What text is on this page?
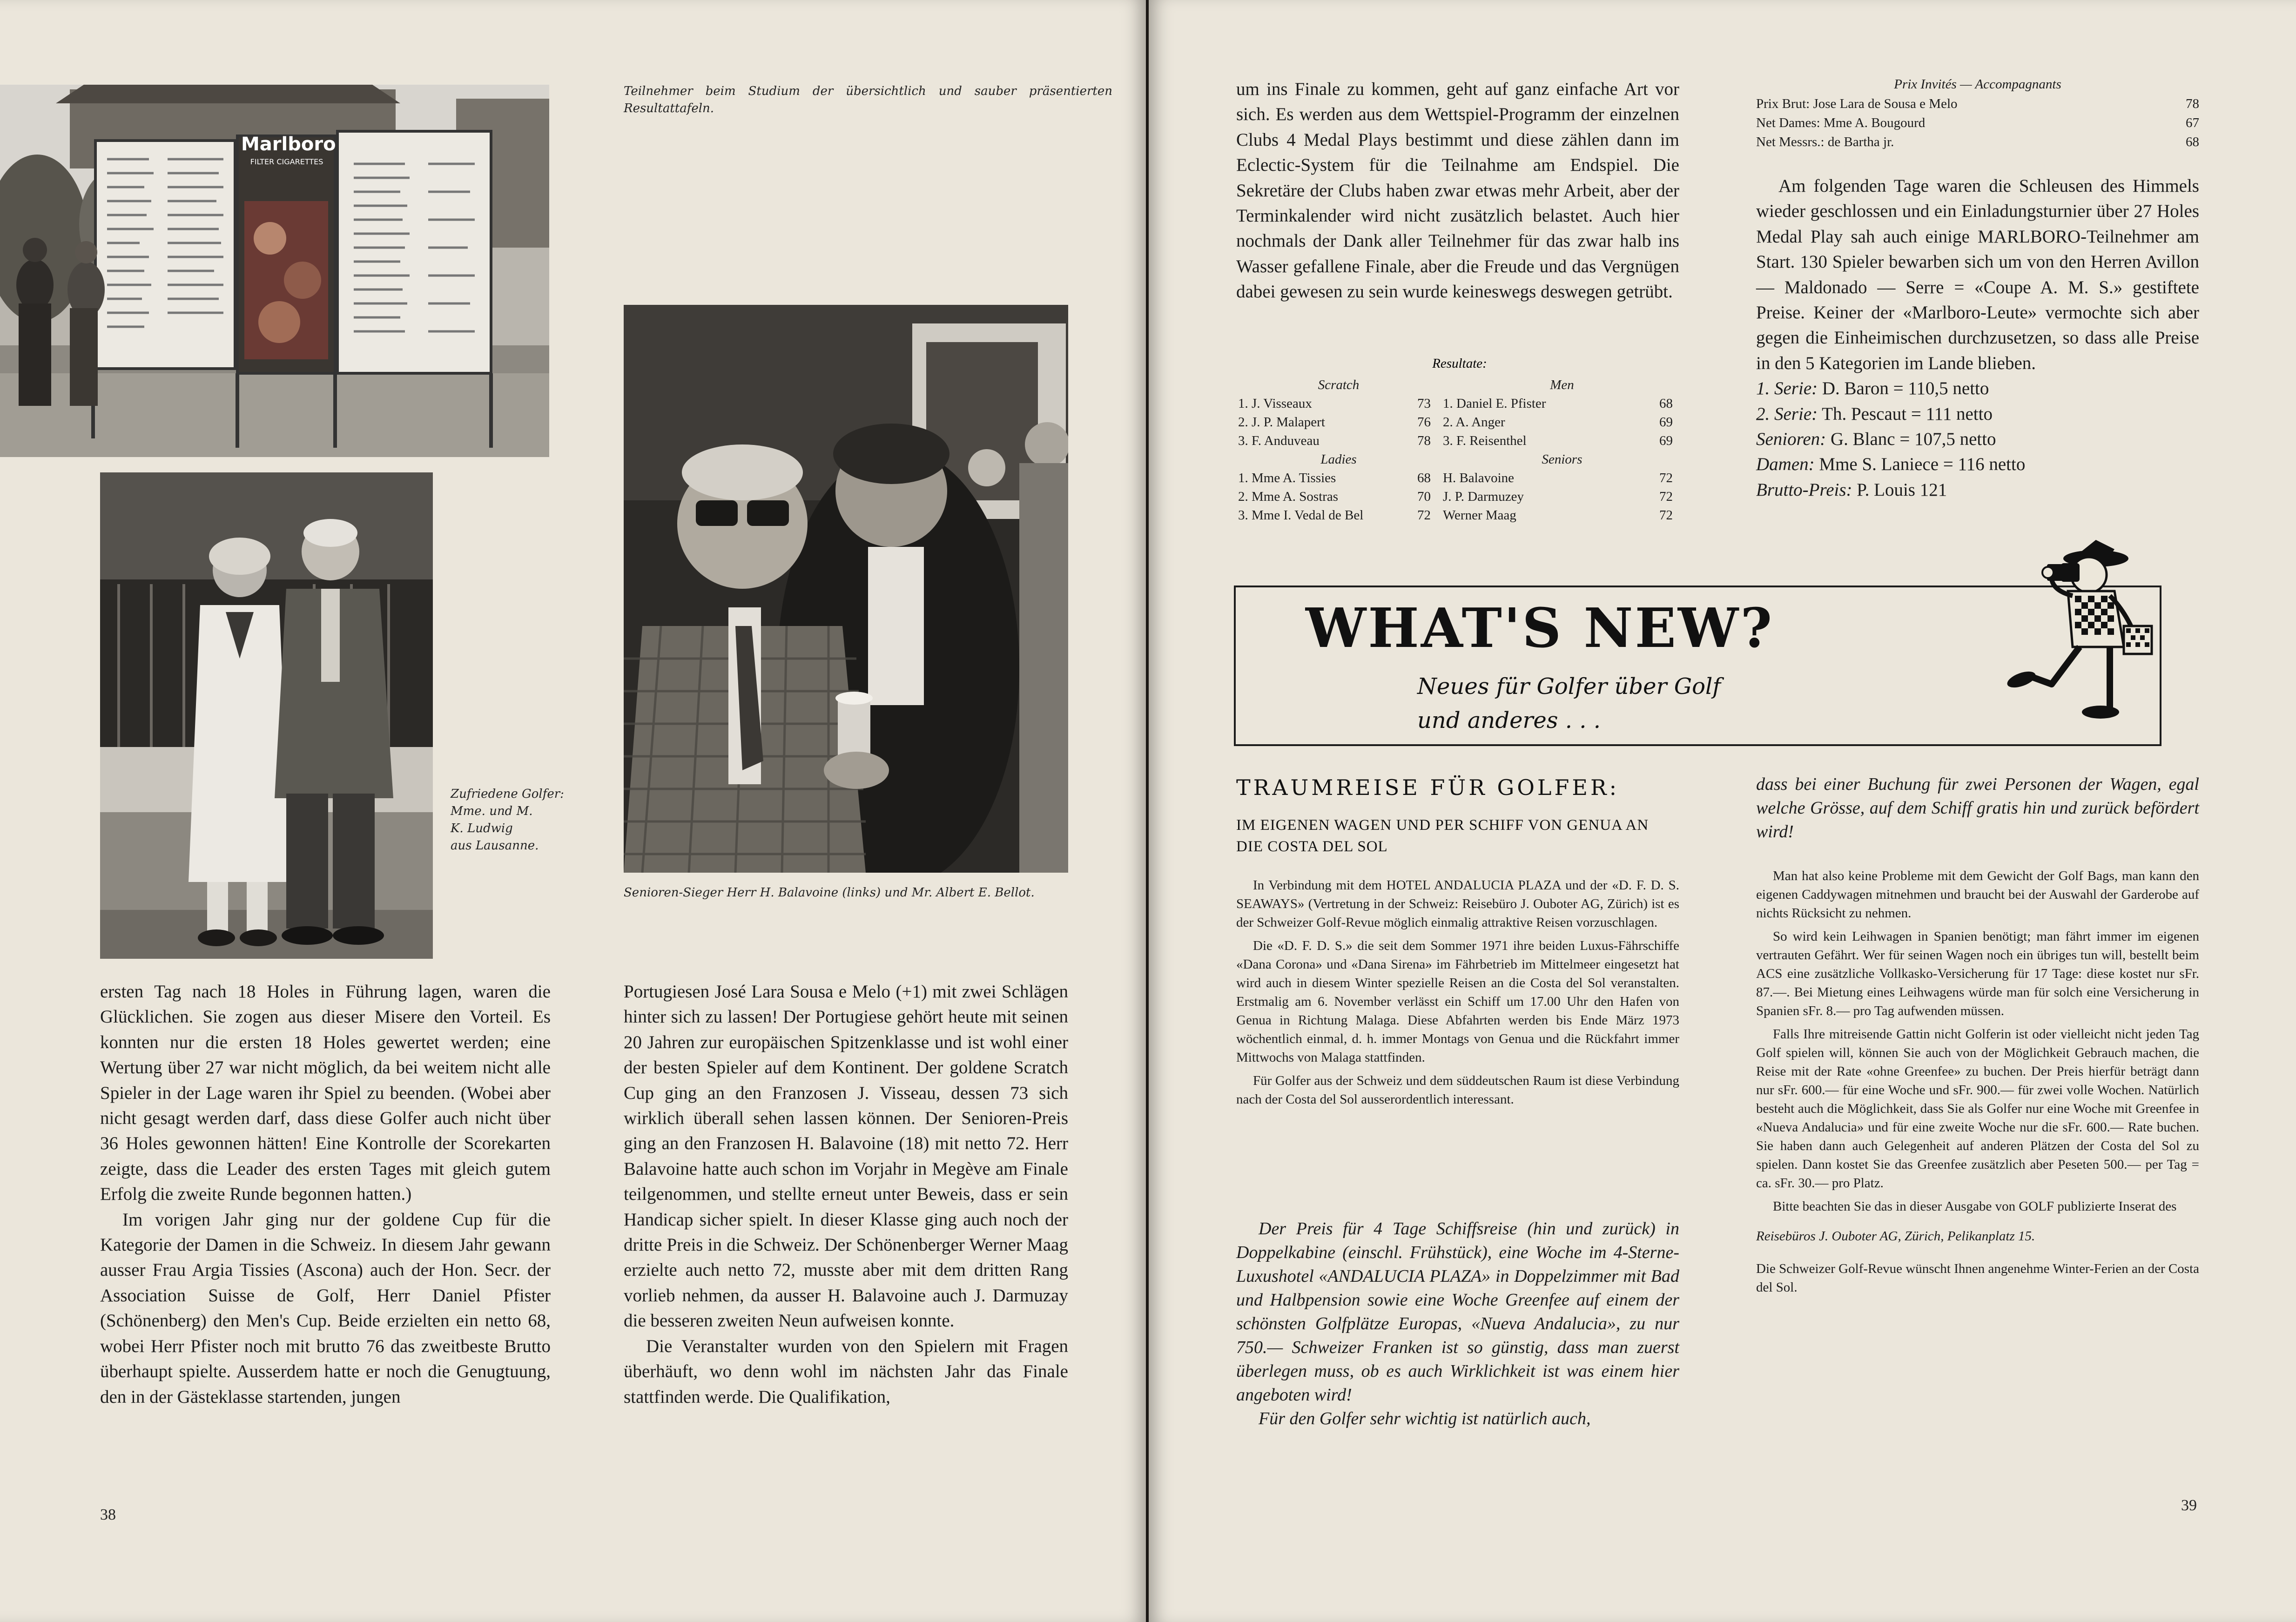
Marlboro
FILTER CIGARETTES

Teilnehmer beim Studium der übersichtlich und sauber präsentierten Resultattafeln.

Zufriedene Golfer:
Mme. und M.
K. Ludwig
aus Lausanne.

Senioren-Sieger Herr H. Balavoine (links) und Mr. Albert E. Bellot.

ersten Tag nach 18 Holes in Führung lagen, waren die Glücklichen. Sie zogen aus dieser Misere den Vorteil. Es konnten nur die ersten 18 Holes gewertet werden; eine Wertung über 27 war nicht möglich, da bei weitem nicht alle Spieler in der Lage waren ihr Spiel zu beenden. (Wobei aber nicht gesagt werden darf, dass diese Golfer auch nicht über 36 Holes gewonnen hätten! Eine Kontrolle der Scorekarten zeigte, dass die Leader des ersten Tages mit gleich gutem Erfolg die zweite Runde begonnen hatten.)

Im vorigen Jahr ging nur der goldene Cup für die Kategorie der Damen in die Schweiz. In diesem Jahr gewann ausser Frau Argia Tissies (Ascona) auch der Hon. Secr. der Association Suisse de Golf, Herr Daniel Pfister (Schönenberg) den Men's Cup. Beide erzielten ein netto 68, wobei Herr Pfister noch mit brutto 76 das zweitbeste Brutto überhaupt spielte. Ausserdem hatte er noch die Genugtuung, den in der Gästeklasse startenden, jungen

Portugiesen José Lara Sousa e Melo (+1) mit zwei Schlägen hinter sich zu lassen! Der Portugiese gehört heute mit seinen 20 Jahren zur europäischen Spitzenklasse und ist wohl einer der besten Spieler auf dem Kontinent. Der goldene Scratch Cup ging an den Franzosen J. Visseau, dessen 73 sich wirklich überall sehen lassen können. Der Senioren-Preis ging an den Franzosen H. Balavoine (18) mit netto 72. Herr Balavoine hatte auch schon im Vorjahr in Megève am Finale teilgenommen, und stellte erneut unter Beweis, dass er sein Handicap sicher spielt. In dieser Klasse ging auch noch der dritte Preis in die Schweiz. Der Schönenberger Werner Maag erzielte auch netto 72, musste aber mit dem dritten Rang vorlieb nehmen, da ausser H. Balavoine auch J. Darmuzay die besseren zweiten Neun aufweisen konnte.

Die Veranstalter wurden von den Spielern mit Fragen überhäuft, wo denn wohl im nächsten Jahr das Finale stattfinden werde. Die Qualifikation,

38

um ins Finale zu kommen, geht auf ganz einfache Art vor sich. Es werden aus dem Wettspiel-Programm der einzelnen Clubs 4 Medal Plays bestimmt und diese zählen dann im Eclectic-System für die Teilnahme am Endspiel. Die Sekretäre der Clubs haben zwar etwas mehr Arbeit, aber der Terminkalender wird nicht zusätzlich belastet. Auch hier nochmals der Dank aller Teilnehmer für das zwar halb ins Wasser gefallene Finale, aber die Freude und das Vergnügen dabei gewesen zu sein wurde keineswegs deswegen getrübt.

Resultate:
Scratch		Men	
1. J. Visseaux	73	1. Daniel E. Pfister	68
2. J. P. Malapert	76	2. A. Anger	69
3. F. Anduveau	78	3. F. Reisenthel	69
Ladies		Seniors	
1. Mme A. Tissies	68	H. Balavoine	72
2. Mme A. Sostras	70	J. P. Darmuzey	72
3. Mme I. Vedal de Bel	72	Werner Maag	72
Prix Invités — Accompagnants
Prix Brut: Jose Lara de Sousa e Melo	78
Net Dames: Mme A. Bougourd	67
Net Messrs.: de Bartha jr.	68

Am folgenden Tage waren die Schleusen des Himmels wieder geschlossen und ein Einladungsturnier über 27 Holes Medal Play sah auch einige MARLBORO-Teilnehmer am Start. 130 Spieler bewarben sich um von den Herren Avillon — Maldonado — Serre = «Coupe A. M. S.» gestiftete Preise. Keiner der «Marlboro-Leute» vermochte sich aber gegen die Einheimischen durchzusetzen, so dass alle Preise in den 5 Kategorien im Lande blieben.

1. Serie: D. Baron = 110,5 netto
2. Serie: Th. Pescaut = 111 netto
Senioren: G. Blanc = 107,5 netto
Damen: Mme S. Laniece = 116 netto
Brutto-Preis: P. Louis 121
WHAT'S NEW?
Neues für Golfer über Golf
und anderes . . .
TRAUMREISE FÜR GOLFER:
IM EIGENEN WAGEN UND PER SCHIFF VON GENUA AN DIE COSTA DEL SOL

In Verbindung mit dem HOTEL ANDALUCIA PLAZA und der «D. F. D. S. SEAWAYS» (Vertretung in der Schweiz: Reisebüro J. Ouboter AG, Zürich) ist es der Schweizer Golf-Revue möglich einmalig attraktive Reisen vorzuschlagen.

Die «D. F. D. S.» die seit dem Sommer 1971 ihre beiden Luxus-Fährschiffe «Dana Corona» und «Dana Sirena» im Fährbetrieb im Mittelmeer eingesetzt hat wird auch in diesem Winter spezielle Reisen an die Costa del Sol veranstalten. Erstmalig am 6. November verlässt ein Schiff um 17.00 Uhr den Hafen von Genua in Richtung Malaga. Diese Abfahrten werden bis Ende März 1973 wöchentlich einmal, d. h. immer Montags von Genua und die Rückfahrt immer Mittwochs von Malaga stattfinden.

Für Golfer aus der Schweiz und dem süddeutschen Raum ist diese Verbindung nach der Costa del Sol ausserordentlich interessant.

Der Preis für 4 Tage Schiffsreise (hin und zurück) in Doppelkabine (einschl. Frühstück), eine Woche im 4-Sterne-Luxushotel «ANDALUCIA PLAZA» in Doppelzimmer mit Bad und Halbpension sowie eine Woche Greenfee auf einem der schönsten Golfplätze Europas, «Nueva Andalucia», zu nur 750.— Schweizer Franken ist so günstig, dass man zuerst überlegen muss, ob es auch Wirklichkeit ist was einem hier angeboten wird!

Für den Golfer sehr wichtig ist natürlich auch,

dass bei einer Buchung für zwei Personen der Wagen, egal welche Grösse, auf dem Schiff gratis hin und zurück befördert wird!

Man hat also keine Probleme mit dem Gewicht der Golf Bags, man kann den eigenen Caddywagen mitnehmen und braucht bei der Auswahl der Garderobe auf nichts Rücksicht zu nehmen.

So wird kein Leihwagen in Spanien benötigt; man fährt immer im eigenen vertrauten Gefährt. Wer für seinen Wagen noch ein übriges tun will, bestellt beim ACS eine zusätzliche Vollkasko-Versicherung für 17 Tage: diese kostet nur sFr. 87.—. Bei Mietung eines Leihwagens würde man für solch eine Versicherung in Spanien sFr. 8.— pro Tag aufwenden müssen.

Falls Ihre mitreisende Gattin nicht Golferin ist oder vielleicht nicht jeden Tag Golf spielen will, können Sie auch von der Möglichkeit Gebrauch machen, die Reise mit der Rate «ohne Greenfee» zu buchen. Der Preis hierfür beträgt dann nur sFr. 600.— für eine Woche und sFr. 900.— für zwei volle Wochen. Natürlich besteht auch die Möglichkeit, dass Sie als Golfer nur eine Woche mit Greenfee in «Nueva Andalucia» und für eine zweite Woche nur die sFr. 600.— Rate buchen. Sie haben dann auch Gelegenheit auf anderen Plätzen der Costa del Sol zu spielen. Dann kostet Sie das Greenfee zusätzlich aber Peseten 500.— per Tag = ca. sFr. 30.— pro Platz.

Bitte beachten Sie das in dieser Ausgabe von GOLF publizierte Inserat des

Reisebüros J. Ouboter AG, Zürich, Pelikanplatz 15.

Die Schweizer Golf-Revue wünscht Ihnen angenehme Winter-Ferien an der Costa del Sol.

39
